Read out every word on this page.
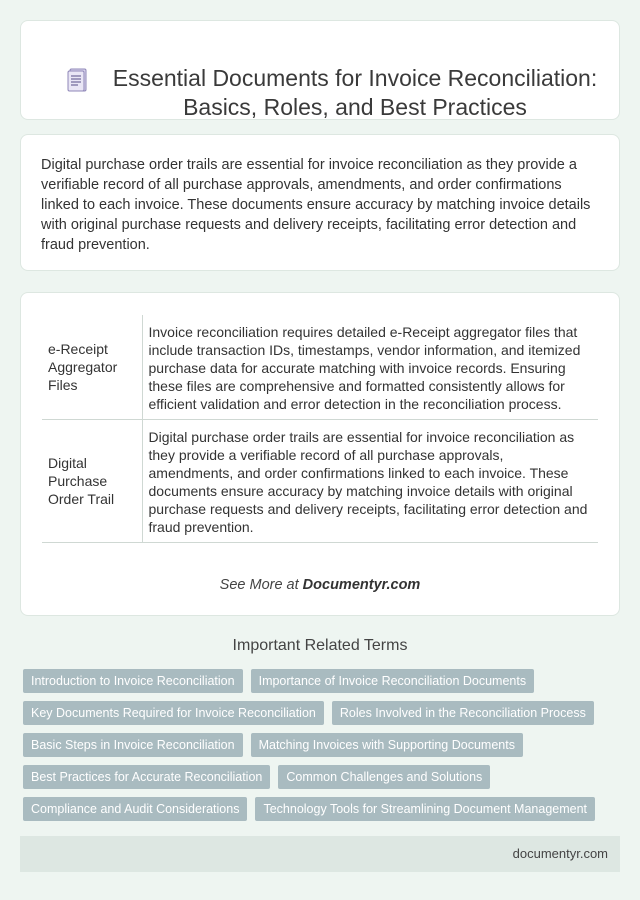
Essential Documents for Invoice Reconciliation: Basics, Roles, and Best Practices

Digital purchase order trails are essential for invoice reconciliation as they provide a verifiable record of all purchase approvals, amendments, and order confirmations linked to each invoice. These documents ensure accuracy by matching invoice details with original purchase requests and delivery receipts, facilitating error detection and fraud prevention.

e-Receipt Aggregator Files	Invoice reconciliation requires detailed e-Receipt aggregator files that include transaction IDs, timestamps, vendor information, and itemized purchase data for accurate matching with invoice records. Ensuring these files are comprehensive and formatted consistently allows for efficient validation and error detection in the reconciliation process.
Digital Purchase Order Trail	Digital purchase order trails are essential for invoice reconciliation as they provide a verifiable record of all purchase approvals, amendments, and order confirmations linked to each invoice. These documents ensure accuracy by matching invoice details with original purchase requests and delivery receipts, facilitating error detection and fraud prevention.
See More at Documentyr.com
Important Related Terms
Introduction to Invoice Reconciliation	Importance of Invoice Reconciliation Documents
Key Documents Required for Invoice Reconciliation	Roles Involved in the Reconciliation Process
Basic Steps in Invoice Reconciliation	Matching Invoices with Supporting Documents
Best Practices for Accurate Reconciliation	Common Challenges and Solutions
Compliance and Audit Considerations	Technology Tools for Streamlining Document Management
documentyr.com
